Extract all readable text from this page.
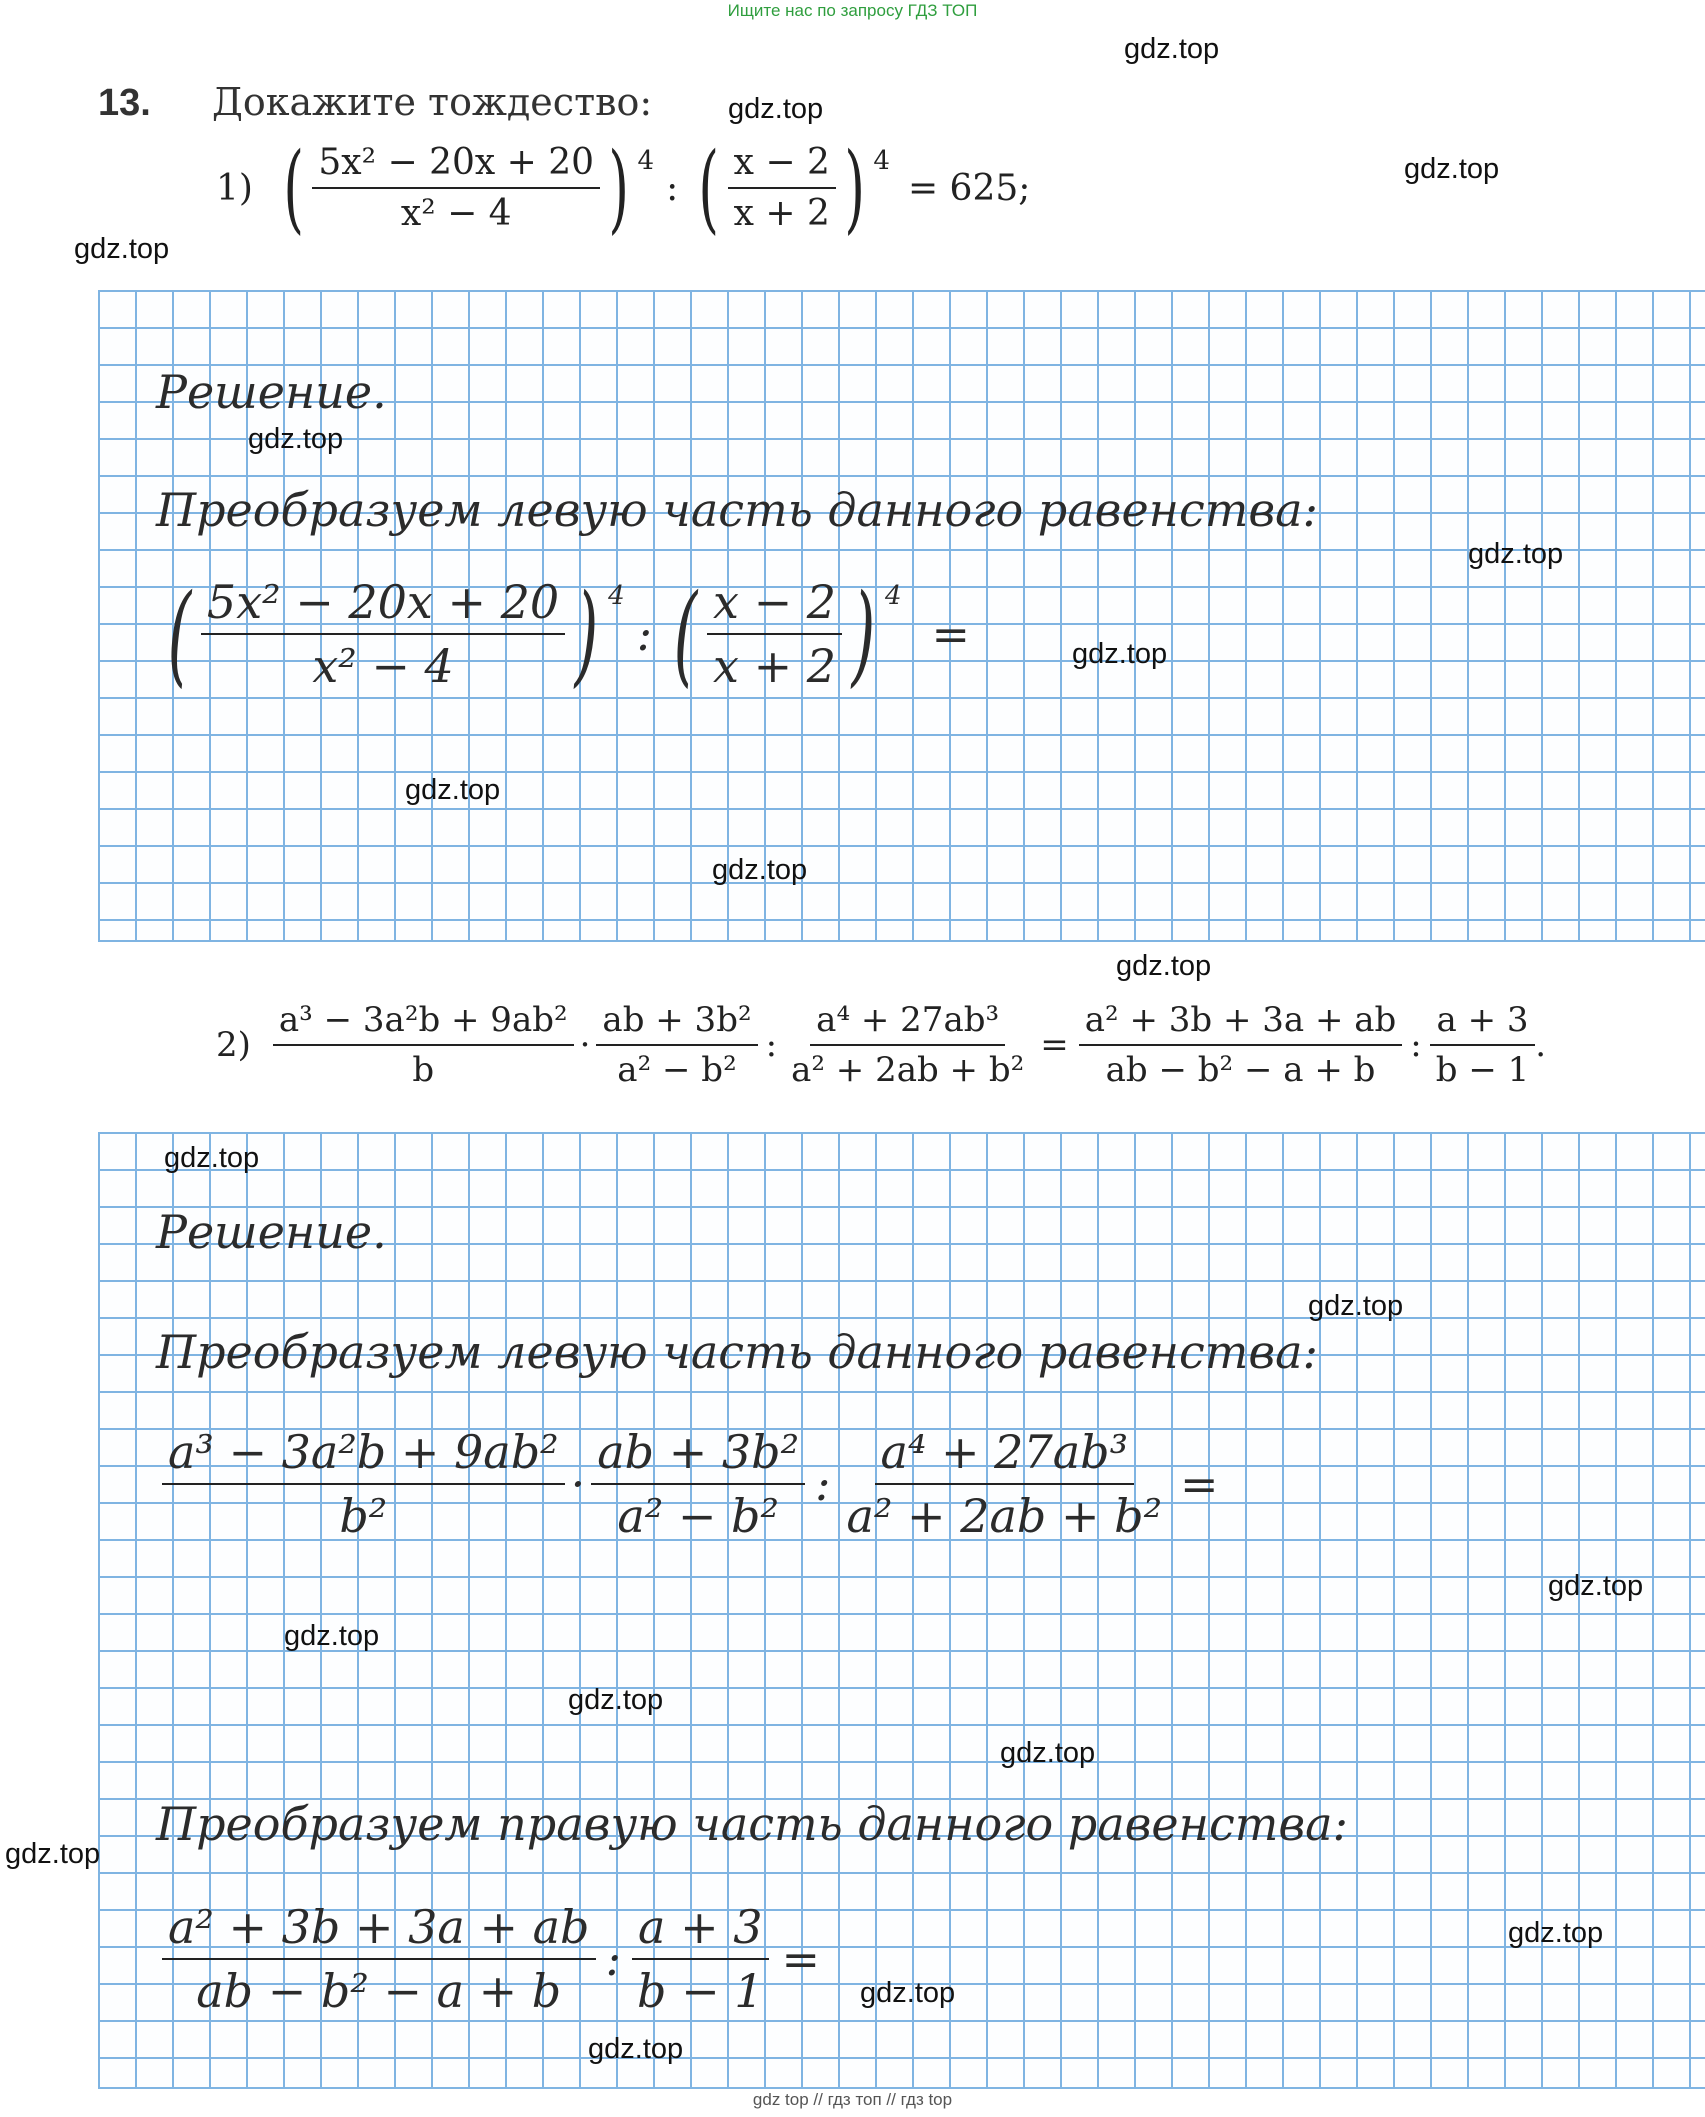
Ищите нас по запросу ГДЗ ТОП
gdz top // гдз топ // гдз top
13. Докажите тождество:
1) ( $\frac{\text{5x² − 20x + 20}}{\text{x² − 4}}$ ) 4
: ( $\frac{x - 2}{x + 2}$ ) 4
= 625;
Решение.
Преобразуем левую часть данного равенства:
( $\frac{\text{5x² − 20x + 20}}{\text{x² − 4}}$ ) 4
: ( $\frac{x - 2}{x + 2}$ ) 4
=
$2) \frac{\text{a³ − 3a²b + 9ab²}}{b} \cdot \frac{\text{ab + 3b²}}{\text{a² − b²}}$ : $\frac{\text{a⁴ + 27ab³}}{\text{a² + 2ab + b²}} = \frac{\text{a² + 3b + 3a + ab}}{\text{ab − b² − a + b}}$ : $\frac{a + 3}{b - 1}$ .
Решение.
Преобразуем левую часть данного равенства:
$\frac{\text{a³ − 3a²b + 9ab²}}{\text{b²}} \cdot \frac{\text{ab + 3b²}}{\text{a² − b²}}$ : $\frac{\text{a⁴ + 27ab³}}{\text{a² + 2ab + b²}}$ =
Преобразуем правую часть данного равенства:
$\frac{\text{a² + 3b + 3a + ab}}{\text{ab − b² − a + b}}$ : $\frac{a + 3}{b - 1}$ =
gdz.top
gdz.top
gdz.top
gdz.top
gdz.top
gdz.top
gdz.top
gdz.top
gdz.top
gdz.top
gdz.top
gdz.top
gdz.top
gdz.top
gdz.top
gdz.top
gdz.top
gdz.top
gdz.top
gdz.top
